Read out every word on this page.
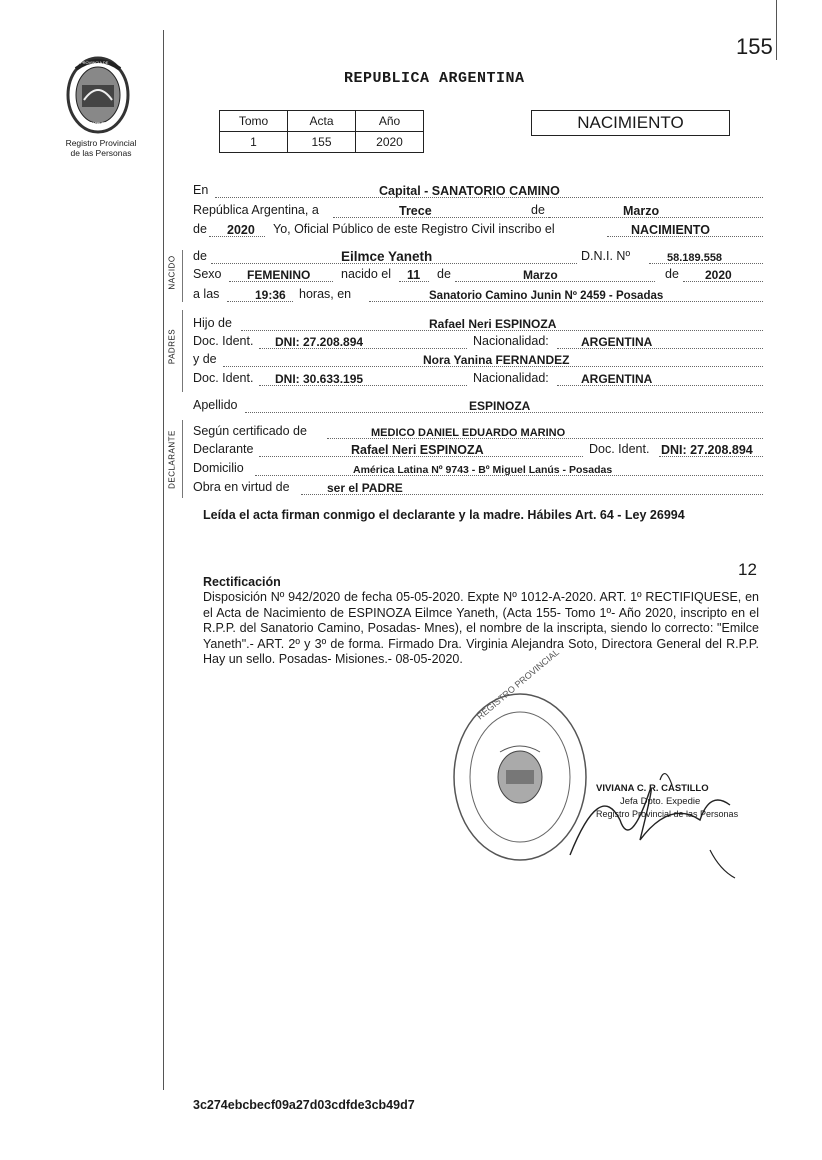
155
PROVINCIA DE
MISIONES
Registro Provincial
de las Personas
REPUBLICA ARGENTINA
Tomo	Acta	Año
1	155	2020
NACIMIENTO
NACIDO
PADRES
DECLARANTE
En	Capital - SANATORIO CAMINO
República Argentina, a	Trece	de	Marzo
de 2020 Yo, Oficial Público de este Registro Civil inscribo el	NACIMIENTO
de	Eilmce Yaneth	D.N.I. Nº	58.189.558
Sexo FEMENINO nacido el 11 de	Marzo	de 2020
a las	19:36 horas, en	Sanatorio Camino Junin Nº 2459 - Posadas
Hijo de	Rafael Neri ESPINOZA
Doc. Ident. DNI: 27.208.894	Nacionalidad:	ARGENTINA
y de	Nora Yanina FERNANDEZ
Doc. Ident. DNI: 30.633.195	Nacionalidad:	ARGENTINA
Apellido	ESPINOZA
Según certificado de	MEDICO DANIEL EDUARDO MARINO
Declarante	Rafael Neri ESPINOZA	Doc. Ident. DNI: 27.208.894
Domicilio	América Latina Nº 9743 - Bº Miguel Lanús - Posadas
Obra en virtud de	ser el PADRE
Leída el acta firman conmigo el declarante y la madre. Hábiles Art. 64 - Ley 26994
12
Rectificación
Disposición Nº 942/2020 de fecha 05-05-2020. Expte Nº 1012-A-2020. ART. 1º RECTIFIQUESE, en el Acta de Nacimiento de ESPINOZA Eilmce Yaneth, (Acta 155- Tomo 1º- Año 2020, inscripto en el R.P.P. del Sanatorio Camino, Posadas- Mnes), el nombre de la inscripta, siendo lo correcto: "Emilce Yaneth".- ART. 2º y 3º de forma. Firmado Dra. Virginia Alejandra Soto, Directora General del R.P.P. Hay un sello. Posadas- Misiones.- 08-05-2020.	REGISTRO PROVINCIAL
VIVIANA C. R. CASTILLO
Jefa Dpto. Expedie
Registro Provincial de las Personas
3c274ebcbecf09a27d03cdfde3cb49d7
